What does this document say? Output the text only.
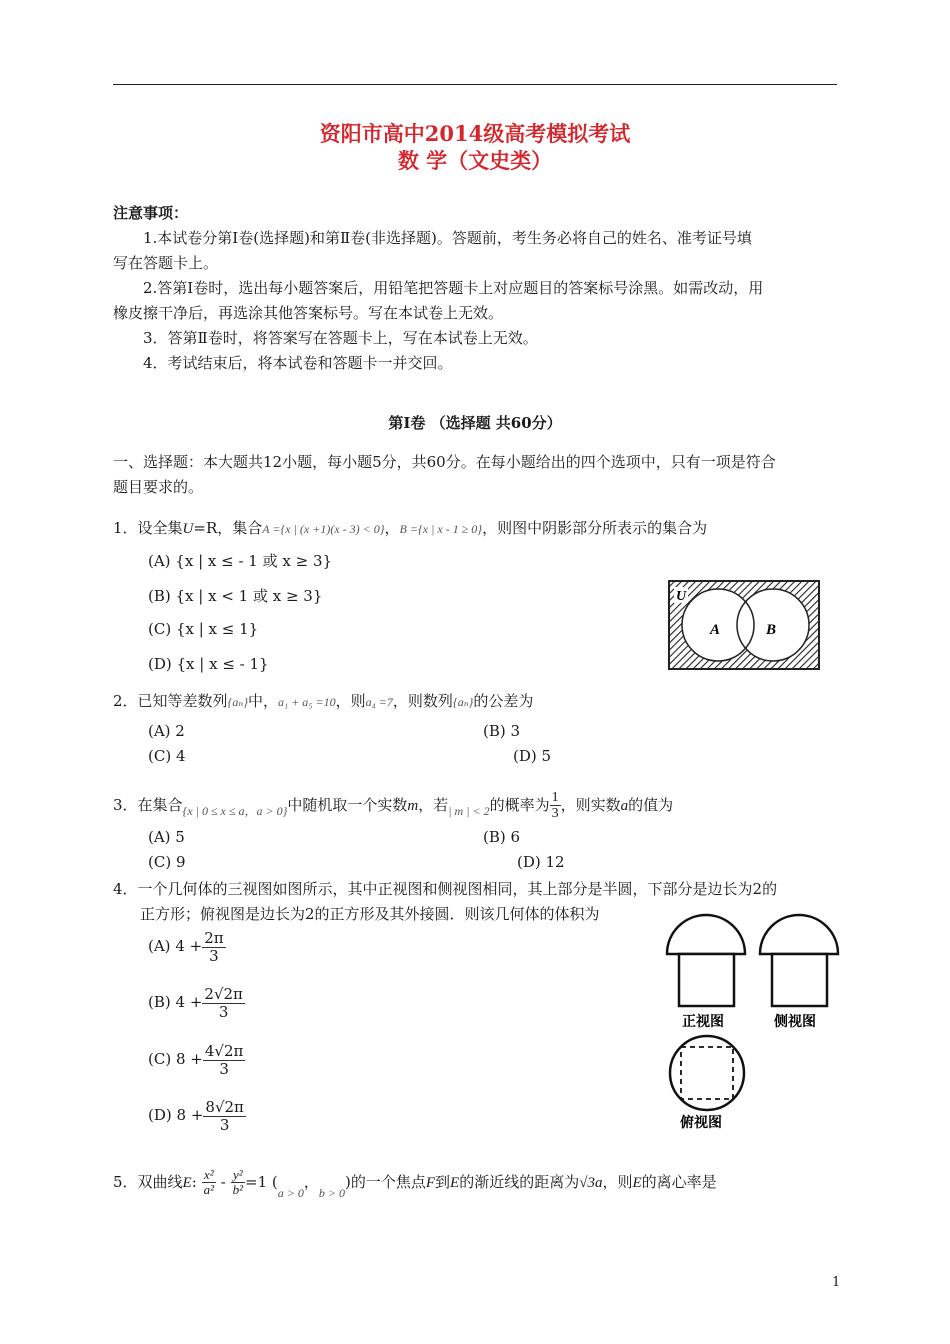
资阳市高中2014级高考模拟考试
数 学（文史类）
注意事项：
1.本试卷分第Ⅰ卷(选择题)和第Ⅱ卷(非选择题)。答题前，考生务必将自己的姓名、准考证号填
写在答题卡上。
2.答第Ⅰ卷时，选出每小题答案后，用铅笔把答题卡上对应题目的答案标号涂黑。如需改动，用
橡皮擦干净后，再选涂其他答案标号。写在本试卷上无效。
3．答第Ⅱ卷时，将答案写在答题卡上，写在本试卷上无效。
4．考试结束后，将本试卷和答题卡一并交回。
第Ⅰ卷 （选择题 共60分）
一、选择题：本大题共12小题，每小题5分，共60分。在每小题给出的四个选项中，只有一项是符合
题目要求的。
1．设全集U=R，集合A ={x | (x +1)(x - 3) < 0}，B ={x | x - 1 ≥ 0}，则图中阴影部分所表示的集合为
(A) {x | x ≤ - 1 或 x ≥ 3}
(B) {x | x < 1 或 x ≥ 3}
(C) {x | x ≤ 1}
(D) {x | x ≤ - 1}
U
A	B
2．已知等差数列{aₙ}中，a₁ + a₅ =10，则a₄ =7，则数列{aₙ}的公差为
(A) 2	(B) 3
(C) 4	(D) 5
3．在集合$_{\{x | 0 \le x \le a,a > 0\}}$中随机取一个实数m，若$_{| m | < 2}$的概率为 $\frac{1}{3}$ ，则实数a的值为
(A) 5	(B) 6
(C) 9	(D) 12
4．一个几何体的三视图如图所示，其中正视图和侧视图相同，其上部分是半圆，下部分是边长为2的
正方形；俯视图是边长为2的正方形及其外接圆．则该几何体的体积为
(A) $4 + \frac{2\pi}{3}$
(B) $4 + \frac{2√2\pi}{3}$
(C) $8 + \frac{4√2\pi}{3}$
(D) $8 + \frac{8√2\pi}{3}$
正视图	侧视图
俯视图
5．双曲线E: $\frac{\text{x²}}{\text{a²}} - \frac{\text{y²}}{\text{b²}} =1$ ($_{a > 0}$，$_{b > 0}$)的一个焦点F到E的渐近线的距离为√3a，则E的离心率是
1
